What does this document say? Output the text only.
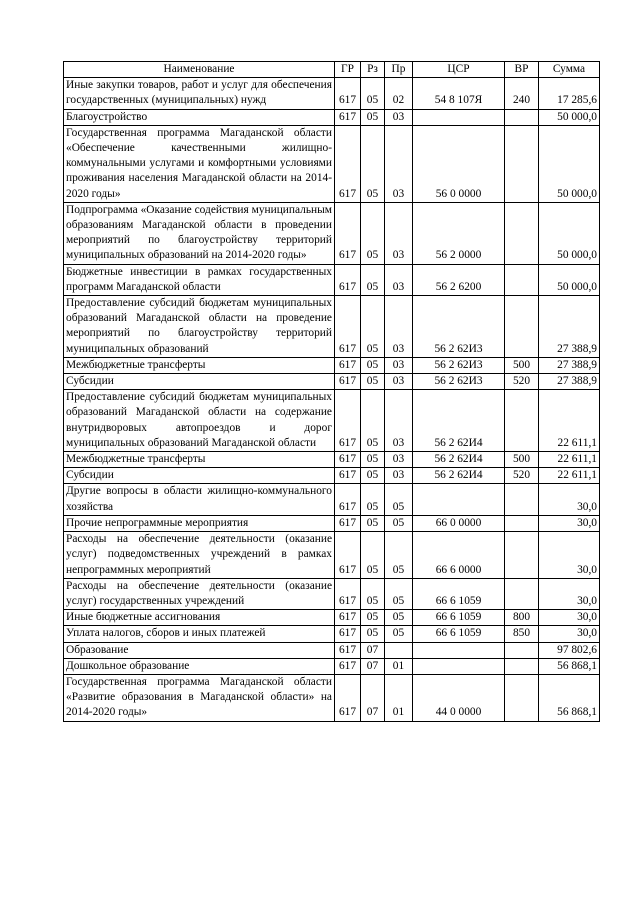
Наименование	ГР	Рз	Пр	ЦСР	ВР	Сумма
Иные закупки товаров, работ и услуг для обеспечения государственных (муниципальных) нужд	617	05	02	54 8 107Я	240	17 285,6
Благоустройство	617	05	03			50 000,0
Государственная программа Магаданской области «Обеспечение качественными жилищно-коммунальными услугами и комфортными условиями проживания населения Магаданской области на 2014-2020 годы»	617	05	03	56 0 0000		50 000,0
Подпрограмма «Оказание содействия муниципальным образованиям Магаданской области в проведении мероприятий по благоустройству территорий муниципальных образований на 2014-2020 годы»	617	05	03	56 2 0000		50 000,0
Бюджетные инвестиции в рамках государственных программ Магаданской области	617	05	03	56 2 6200		50 000,0
Предоставление субсидий бюджетам муниципальных образований Магаданской области на проведение мероприятий по благоустройству территорий муниципальных образований	617	05	03	56 2 62И3		27 388,9
Межбюджетные трансферты	617	05	03	56 2 62И3	500	27 388,9
Субсидии	617	05	03	56 2 62И3	520	27 388,9
Предоставление субсидий бюджетам муниципальных образований Магаданской области на содержание внутридворовых автопроездов и дорог муниципальных образований Магаданской области	617	05	03	56 2 62И4		22 611,1
Межбюджетные трансферты	617	05	03	56 2 62И4	500	22 611,1
Субсидии	617	05	03	56 2 62И4	520	22 611,1
Другие вопросы в области жилищно-коммунального хозяйства	617	05	05			30,0
Прочие непрограммные мероприятия	617	05	05	66 0 0000		30,0
Расходы на обеспечение деятельности (оказание услуг) подведомственных учреждений в рамках непрограммных мероприятий	617	05	05	66 6 0000		30,0
Расходы на обеспечение деятельности (оказание услуг) государственных учреждений	617	05	05	66 6 1059		30,0
Иные бюджетные ассигнования	617	05	05	66 6 1059	800	30,0
Уплата налогов, сборов и иных платежей	617	05	05	66 6 1059	850	30,0
Образование	617	07				97 802,6
Дошкольное образование	617	07	01			56 868,1
Государственная программа Магаданской области «Развитие образования в Магаданской области» на 2014-2020 годы»	617	07	01	44 0 0000		56 868,1
